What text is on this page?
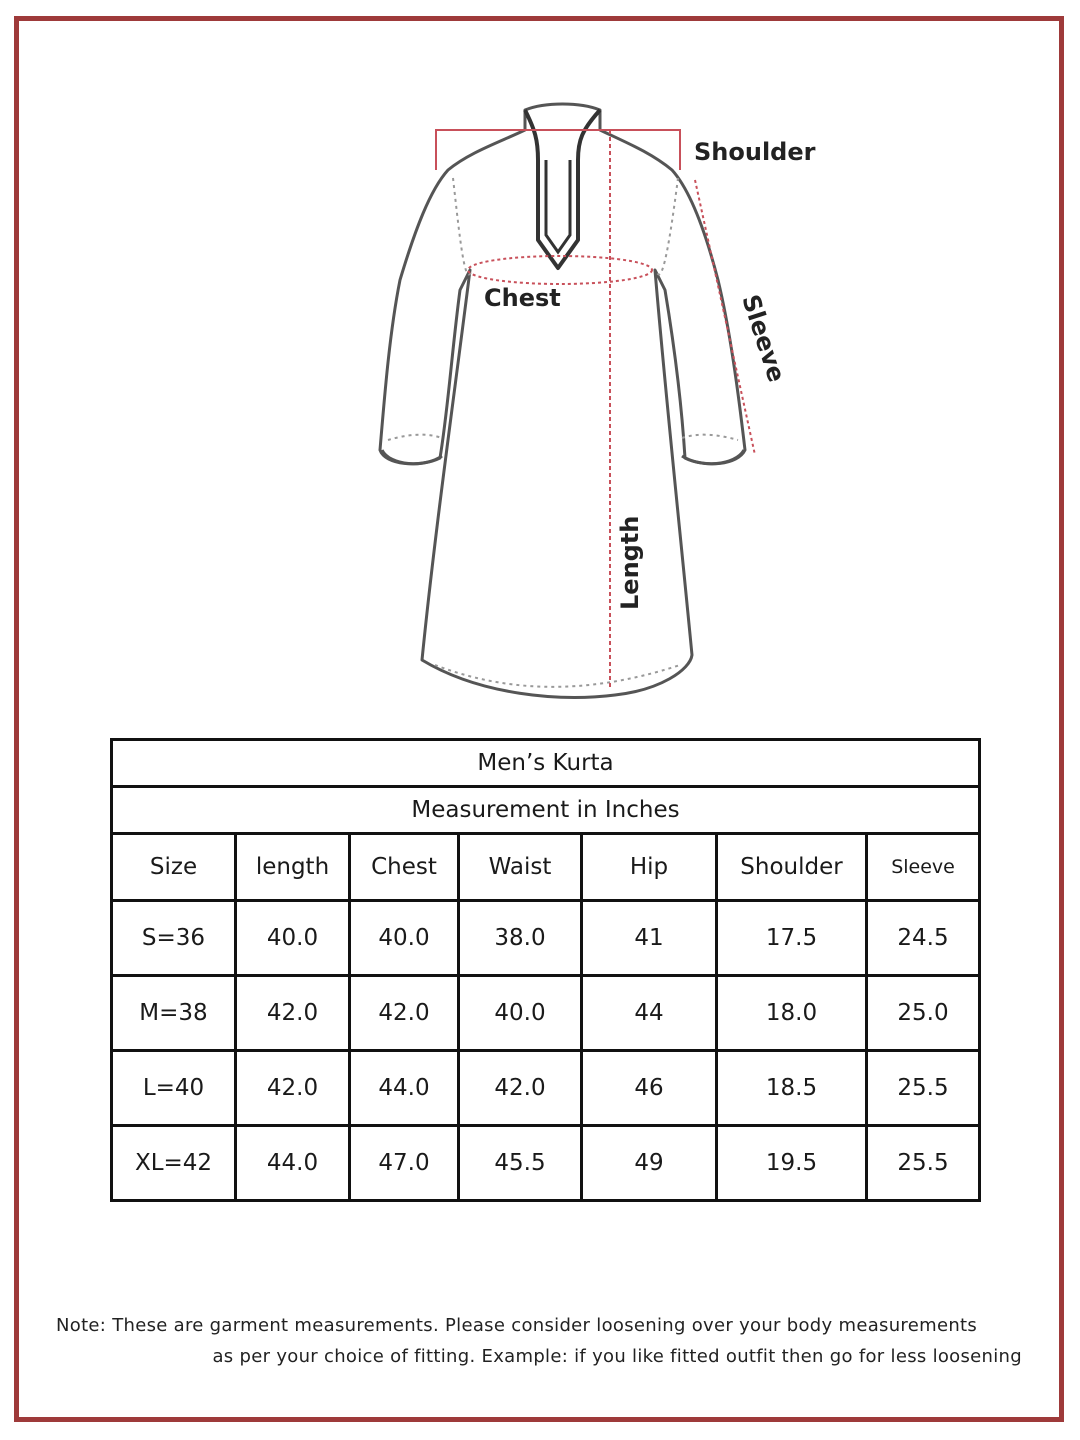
Shoulder
Chest	Sleeve
Length
Men’s Kurta						
Measurement in Inches						
Size	length	Chest	Waist	Hip	Shoulder	Sleeve
S=36	40.0	40.0	38.0	41	17.5	24.5
M=38	42.0	42.0	40.0	44	18.0	25.0
L=40	42.0	44.0	42.0	46	18.5	25.5
XL=42	44.0	47.0	45.5	49	19.5	25.5
Note: These are garment measurements. Please consider loosening over your body measurements
as per your choice of fitting. Example: if you like fitted outfit then go for less loosening
